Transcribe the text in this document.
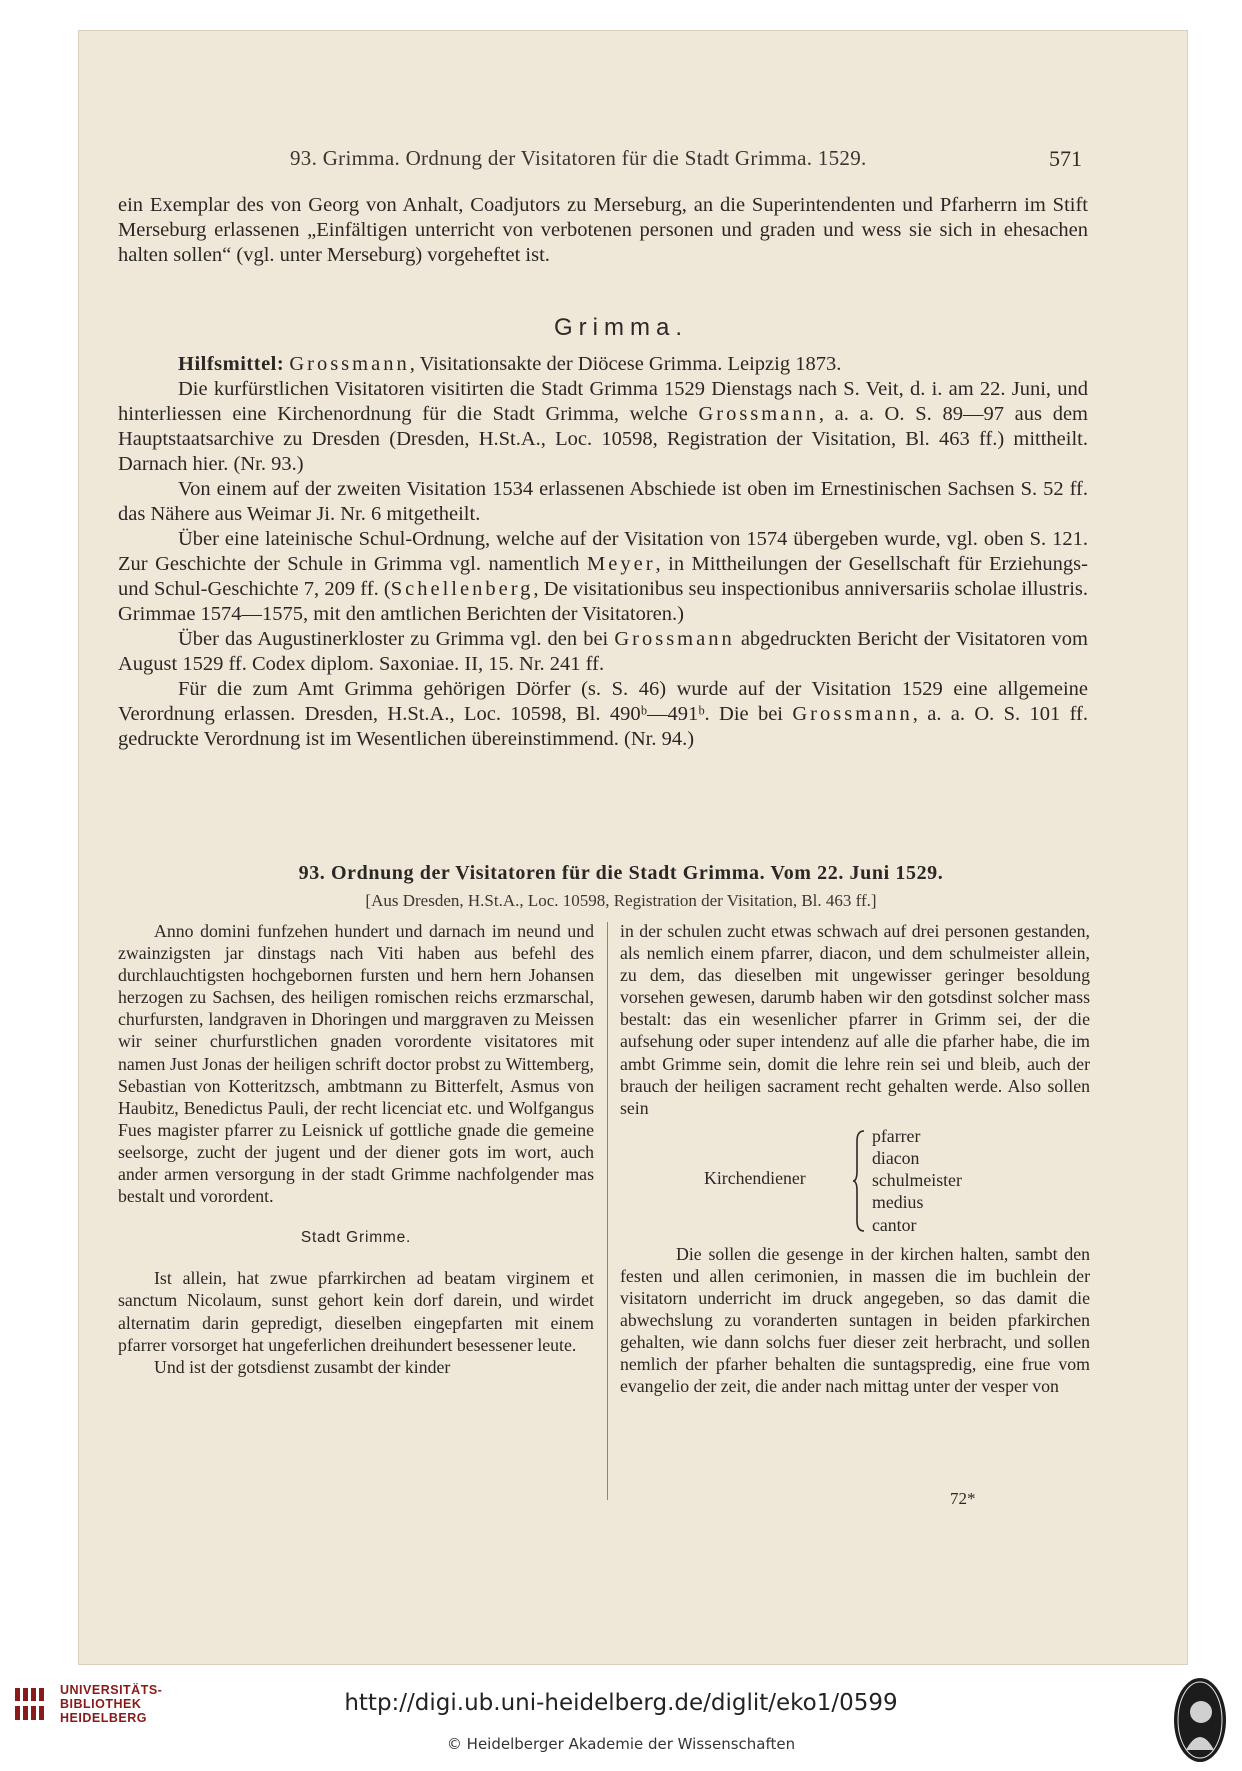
93. Grimma. Ordnung der Visitatoren für die Stadt Grimma. 1529.	571

ein Exemplar des von Georg von Anhalt, Coadjutors zu Merseburg, an die Superintendenten und Pfarherrn im Stift Merseburg erlassenen „Einfältigen unterricht von verbotenen personen und graden und wess sie sich in ehesachen halten sollen“ (vgl. unter Merseburg) vorgeheftet ist.

Grimma.

Hilfsmittel: Grossmann, Visitationsakte der Diöcese Grimma. Leipzig 1873.

Die kurfürstlichen Visitatoren visitirten die Stadt Grimma 1529 Dienstags nach S. Veit, d. i. am 22. Juni, und hinterliessen eine Kirchenordnung für die Stadt Grimma, welche Grossmann, a. a. O. S. 89—97 aus dem Hauptstaatsarchive zu Dresden (Dresden, H.St.A., Loc. 10598, Registration der Visitation, Bl. 463 ff.) mittheilt. Darnach hier. (Nr. 93.)

Von einem auf der zweiten Visitation 1534 erlassenen Abschiede ist oben im Ernestinischen Sachsen S. 52 ff. das Nähere aus Weimar Ji. Nr. 6 mitgetheilt.

Über eine lateinische Schul-Ordnung, welche auf der Visitation von 1574 übergeben wurde, vgl. oben S. 121. Zur Geschichte der Schule in Grimma vgl. namentlich Meyer, in Mittheilungen der Gesellschaft für Erziehungs- und Schul-Geschichte 7, 209 ff. (Schellenberg, De visitationibus seu inspectionibus anniversariis scholae illustris. Grimmae 1574—1575, mit den amtlichen Berichten der Visitatoren.)

Über das Augustinerkloster zu Grimma vgl. den bei Grossmann abgedruckten Bericht der Visitatoren vom August 1529 ff. Codex diplom. Saxoniae. II, 15. Nr. 241 ff.

Für die zum Amt Grimma gehörigen Dörfer (s. S. 46) wurde auf der Visitation 1529 eine allgemeine Verordnung erlassen. Dresden, H.St.A., Loc. 10598, Bl. 490ᵇ—491ᵇ. Die bei Grossmann, a. a. O. S. 101 ff. gedruckte Verordnung ist im Wesentlichen übereinstimmend. (Nr. 94.)

93. Ordnung der Visitatoren für die Stadt Grimma. Vom 22. Juni 1529.
[Aus Dresden, H.St.A., Loc. 10598, Registration der Visitation, Bl. 463 ff.]

Anno domini funfzehen hundert und darnach im neund und zwainzigsten jar dinstags nach Viti haben aus befehl des durchlauchtigsten hochgebornen fursten und hern hern Johansen herzogen zu Sachsen, des heiligen romischen reichs erzmarschal, churfursten, landgraven in Dhoringen und marggraven zu Meissen wir seiner churfurstlichen gnaden vorordente visitatores mit namen Just Jonas der heiligen schrift doctor probst zu Wittemberg, Sebastian von Kotteritzsch, ambtmann zu Bitterfelt, Asmus von Haubitz, Benedictus Pauli, der recht licenciat etc. und Wolfgangus Fues magister pfarrer zu Leisnick uf gottliche gnade die gemeine seelsorge, zucht der jugent und der diener gots im wort, auch ander armen versorgung in der stadt Grimme nachfolgender mas bestalt und vorordent.

Stadt Grimme.

Ist allein, hat zwue pfarrkirchen ad beatam virginem et sanctum Nicolaum, sunst gehort kein dorf darein, und wirdet alternatim darin gepredigt, dieselben eingepfarten mit einem pfarrer vorsorget hat ungeferlichen dreihundert besessener leute.

Und ist der gotsdienst zusambt der kinder

in der schulen zucht etwas schwach auf drei personen gestanden, als nemlich einem pfarrer, diacon, und dem schulmeister allein, zu dem, das dieselben mit ungewisser geringer besoldung vorsehen gewesen, darumb haben wir den gotsdinst solcher mass bestalt: das ein wesenlicher pfarrer in Grimm sei, der die aufsehung oder super intendenz auf alle die pfarher habe, die im ambt Grimme sein, domit die lehre rein sei und bleib, auch der brauch der heiligen sacrament recht gehalten werde. Also sollen sein

Kirchendiener
pfarrer
diacon
schulmeister
medius
cantor

Die sollen die gesenge in der kirchen halten, sambt den festen und allen cerimonien, in massen die im buchlein der visitatorn underricht im druck angegeben, so das damit die abwechslung zu voranderten suntagen in beiden pfarkirchen gehalten, wie dann solchs fuer dieser zeit herbracht, und sollen nemlich der pfarher behalten die suntagspredig, eine frue vom evangelio der zeit, die ander nach mittag unter der vesper von

72*
UNIVERSITÄTS-
BIBLIOTHEK
HEIDELBERG
http://digi.ub.uni-heidelberg.de/diglit/eko1/0599
© Heidelberger Akademie der Wissenschaften
